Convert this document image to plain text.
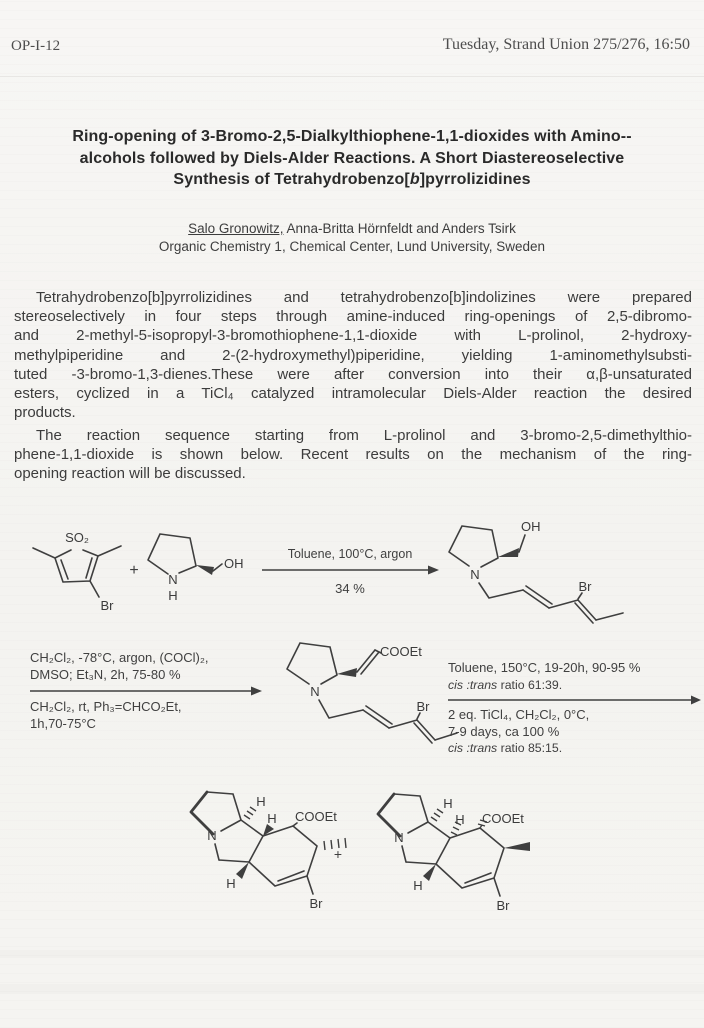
OP-I-12	Tuesday, Strand Union 275/276, 16:50
Ring-opening of 3-Bromo-2,5-Dialkylthiophene-1,1-dioxides with Amino--
alcohols followed by Diels-Alder Reactions. A Short Diastereoselective
Synthesis of Tetrahydrobenzo[b]pyrrolizidines
Salo Gronowitz, Anna-Britta Hörnfeldt and Anders Tsirk
Organic Chemistry 1, Chemical Center, Lund University, Sweden
Tetrahydrobenzo[b]pyrrolizidines and tetrahydrobenzo[b]indolizines were prepared
stereoselectively in four steps through amine-induced ring-openings of 2,5-dibromo-
and 2-methyl-5-isopropyl-3-bromothiophene-1,1-dioxide with L-prolinol, 2-hydroxy-
methylpiperidine and 2-(2-hydroxymethyl)piperidine, yielding 1-aminomethylsubsti-
tuted -3-bromo-1,3-dienes.These were after conversion into their α,β-unsaturated
esters, cyclized in a TiCl₄ catalyzed intramolecular Diels-Alder reaction the desired
products.
The reaction sequence starting from L-prolinol and 3-bromo-2,5-dimethylthio-
phene-1,1-dioxide is shown below. Recent results on the mechanism of the ring-
opening reaction will be discussed.
SO₂
Br
+	OH
N
H
Toluene, 100°C, argon
34 %
OH
N
Br
CH₂Cl₂, -78°C, argon, (COCl)₂,
DMSO; Et₃N, 2h, 75-80 %
CH₂Cl₂, rt, Ph₃=CHCO₂Et,
1h,70-75°C
COOEt
N
Br
Toluene, 150°C, 19-20h, 90-95 %
cis :trans ratio 61:39.
2 eq. TiCl₄, CH₂Cl₂, 0°C,
7-9 days, ca 100 %
cis :trans ratio 85:15.
N
H
H COOEt
H
Br
+
N
H
H COOEt
H
Br
